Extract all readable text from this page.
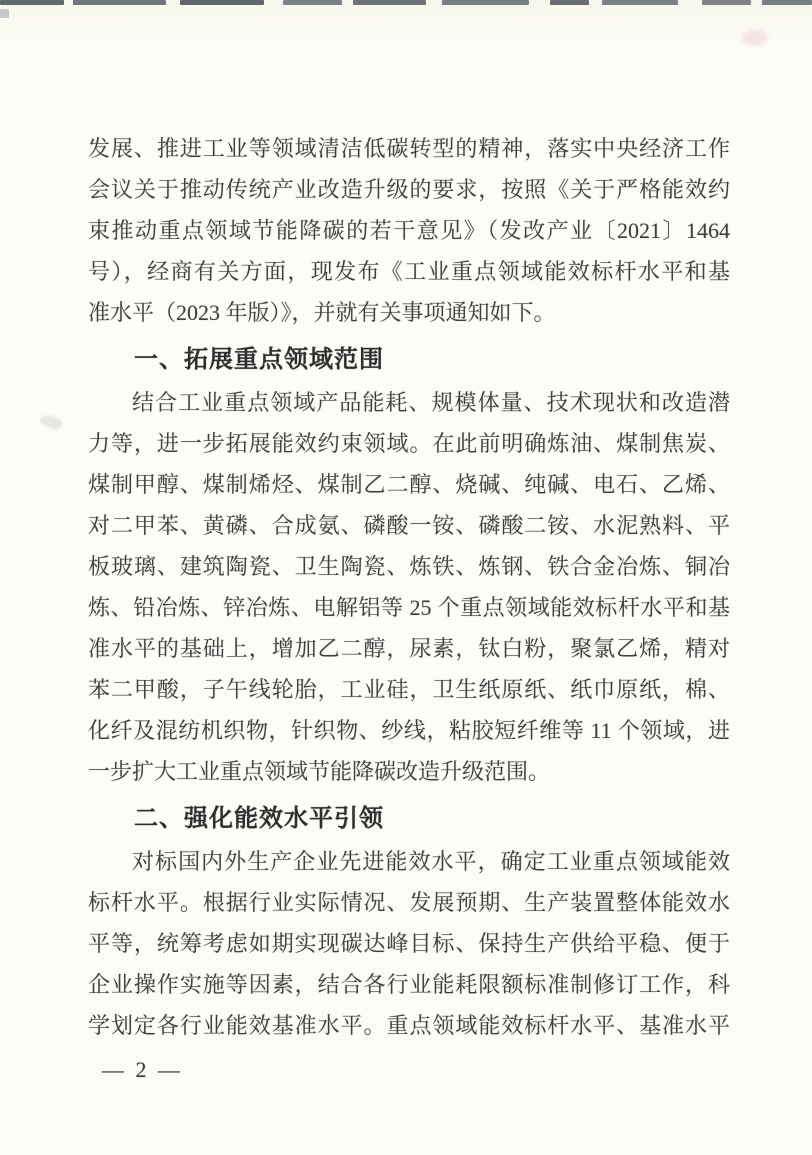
发展、推进工业等领域清洁低碳转型的精神，落实中央经济工作
会议关于推动传统产业改造升级的要求，按照《关于严格能效约
束推动重点领域节能降碳的若干意见》（发改产业〔2021〕1464
号），经商有关方面，现发布《工业重点领域能效标杆水平和基
准水平（2023 年版）》，并就有关事项通知如下。
一、拓展重点领域范围
结合工业重点领域产品能耗、规模体量、技术现状和改造潜
力等，进一步拓展能效约束领域。在此前明确炼油、煤制焦炭、
煤制甲醇、煤制烯烃、煤制乙二醇、烧碱、纯碱、电石、乙烯、
对二甲苯、黄磷、合成氨、磷酸一铵、磷酸二铵、水泥熟料、平
板玻璃、建筑陶瓷、卫生陶瓷、炼铁、炼钢、铁合金冶炼、铜冶
炼、铅冶炼、锌冶炼、电解铝等 25 个重点领域能效标杆水平和基
准水平的基础上，增加乙二醇，尿素，钛白粉，聚氯乙烯，精对
苯二甲酸，子午线轮胎，工业硅，卫生纸原纸、纸巾原纸，棉、
化纤及混纺机织物，针织物、纱线，粘胶短纤维等 11 个领域，进
一步扩大工业重点领域节能降碳改造升级范围。
二、强化能效水平引领
对标国内外生产企业先进能效水平，确定工业重点领域能效
标杆水平。根据行业实际情况、发展预期、生产装置整体能效水
平等，统筹考虑如期实现碳达峰目标、保持生产供给平稳、便于
企业操作实施等因素，结合各行业能耗限额标准制修订工作，科
学划定各行业能效基准水平。重点领域能效标杆水平、基准水平
— 2 —
